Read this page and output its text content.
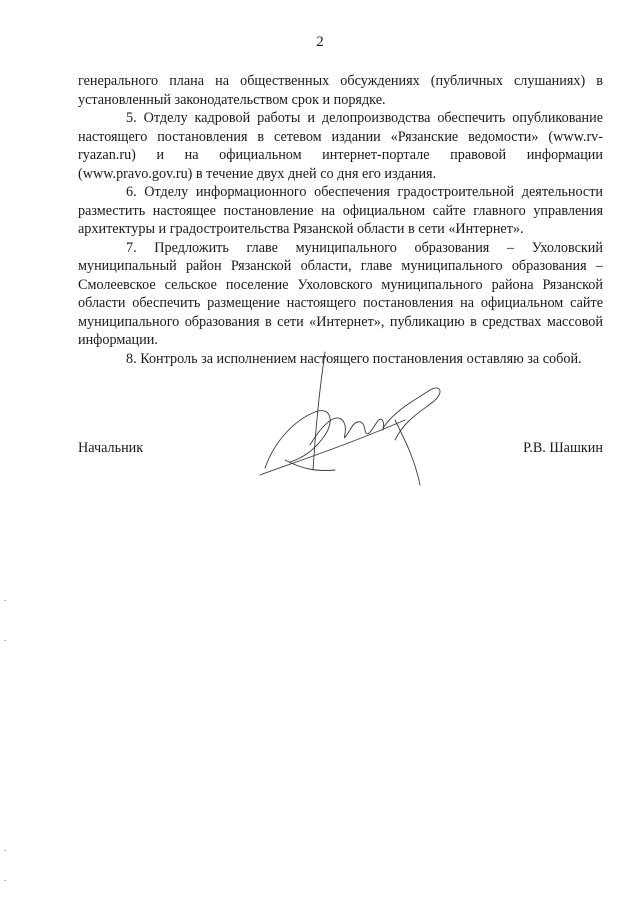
2

генерального плана на общественных обсуждениях (публичных слушаниях) в установленный законодательством срок и порядке.

5. Отделу кадровой работы и делопроизводства обеспечить опубликование настоящего постановления в сетевом издании «Рязанские ведомости» (www.rv-ryazan.ru) и на официальном интернет-портале правовой информации (www.pravo.gov.ru) в течение двух дней со дня его издания.

6. Отделу информационного обеспечения градостроительной деятельности разместить настоящее постановление на официальном сайте главного управления архитектуры и градостроительства Рязанской области в сети «Интернет».

7. Предложить главе муниципального образования – Ухоловский муниципальный район Рязанской области, главе муниципального образования – Смолеевское сельское поселение Ухоловского муниципального района Рязанской области обеспечить размещение настоящего постановления на официальном сайте муниципального образования в сети «Интернет», публикацию в средствах массовой информации.

8. Контроль за исполнением настоящего постановления оставляю за собой.

Начальник	Р.В. Шашкин
